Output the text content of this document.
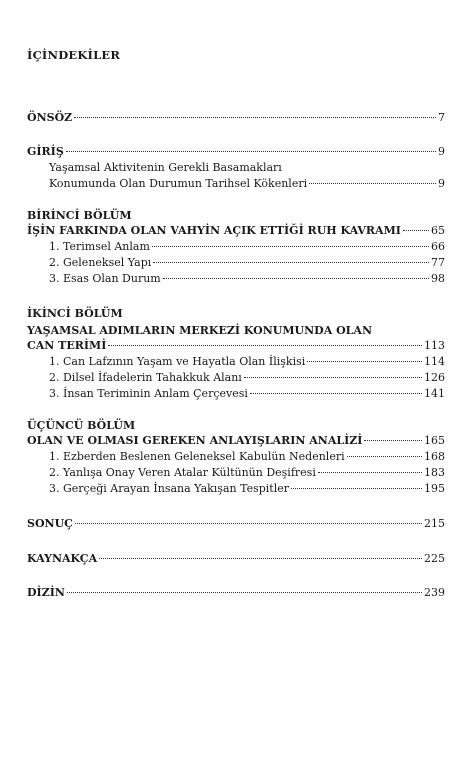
İÇİNDEKİLER
ÖNSÖZ	7
GİRİŞ	9
Yaşamsal Aktivitenin Gerekli Basamakları
Konumunda Olan Durumun Tarihsel Kökenleri	9
BİRİNCİ BÖLÜM
İŞİN FARKINDA OLAN VAHYİN AÇIK ETTİĞİ RUH KAVRAMI	65
1. Terimsel Anlam	66
2. Geleneksel Yapı	77
3. Esas Olan Durum	98
İKİNCİ BÖLÜM
YAŞAMSAL ADIMLARIN MERKEZİ KONUMUNDA OLAN
CAN TERİMİ	113
1. Can Lafzının Yaşam ve Hayatla Olan İlişkisi	114
2. Dilsel İfadelerin Tahakkuk Alanı	126
3. İnsan Teriminin Anlam Çerçevesi	141
ÜÇÜNCÜ BÖLÜM
OLAN VE OLMASI GEREKEN ANLAYIŞLARIN ANALİZİ	165
1. Ezberden Beslenen Geleneksel Kabulün Nedenleri	168
2. Yanlışa Onay Veren Atalar Kültünün Deşifresi	183
3. Gerçeği Arayan İnsana Yakışan Tespitler	195
SONUÇ	215
KAYNAKÇA	225
DİZİN	239
